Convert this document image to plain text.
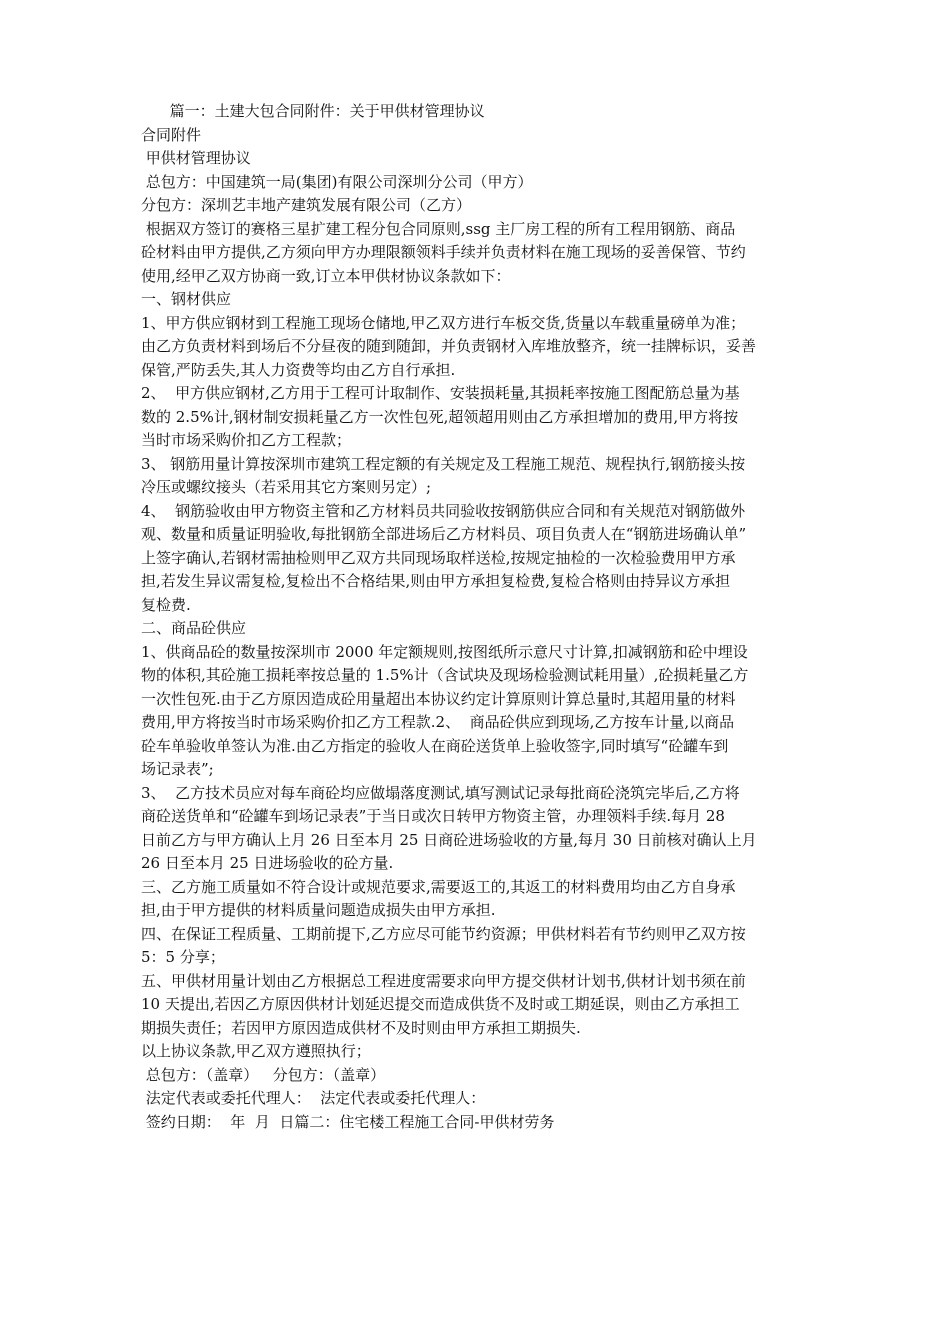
篇一：土建大包合同附件：关于甲供材管理协议
合同附件
甲供材管理协议
总包方：中国建筑一局(集团)有限公司深圳分公司（甲方）
分包方：深圳艺丰地产建筑发展有限公司（乙方）
根据双方签订的赛格三星扩建工程分包合同原则,ssg 主厂房工程的所有工程用钢筋、商品
砼材料由甲方提供,乙方须向甲方办理限额领料手续并负责材料在施工现场的妥善保管、节约
使用,经甲乙双方协商一致,订立本甲供材协议条款如下：
一、钢材供应
1、甲方供应钢材到工程施工现场仓储地,甲乙双方进行车板交货,货量以车载重量磅单为准；
由乙方负责材料到场后不分昼夜的随到随卸，并负责钢材入库堆放整齐，统一挂牌标识，妥善
保管,严防丢失,其人力资费等均由乙方自行承担.
2、  甲方供应钢材,乙方用于工程可计取制作、安装损耗量,其损耗率按施工图配筋总量为基
数的 2.5%计,钢材制安损耗量乙方一次性包死,超领超用则由乙方承担增加的费用,甲方将按
当时市场采购价扣乙方工程款；
3、 钢筋用量计算按深圳市建筑工程定额的有关规定及工程施工规范、规程执行,钢筋接头按
冷压或螺纹接头（若采用其它方案则另定）;
4、  钢筋验收由甲方物资主管和乙方材料员共同验收按钢筋供应合同和有关规范对钢筋做外
观、数量和质量证明验收,每批钢筋全部进场后乙方材料员、项目负责人在“钢筋进场确认单”
上签字确认,若钢材需抽检则甲乙双方共同现场取样送检,按规定抽检的一次检验费用甲方承
担,若发生异议需复检,复检出不合格结果,则由甲方承担复检费,复检合格则由持异议方承担
复检费.
二、商品砼供应
1、供商品砼的数量按深圳市 2000 年定额规则,按图纸所示意尺寸计算,扣减钢筋和砼中埋设
物的体积,其砼施工损耗率按总量的 1.5%计（含试块及现场检验测试耗用量）,砼损耗量乙方
一次性包死.由于乙方原因造成砼用量超出本协议约定计算原则计算总量时,其超用量的材料
费用,甲方将按当时市场采购价扣乙方工程款.2、  商品砼供应到现场,乙方按车计量,以商品
砼车单验收单签认为准.由乙方指定的验收人在商砼送货单上验收签字,同时填写“砼罐车到
场记录表”;
3、  乙方技术员应对每车商砼均应做塌落度测试,填写测试记录每批商砼浇筑完毕后,乙方将
商砼送货单和“砼罐车到场记录表”于当日或次日转甲方物资主管，办理领料手续.每月 28
日前乙方与甲方确认上月 26 日至本月 25 日商砼进场验收的方量,每月 30 日前核对确认上月
26 日至本月 25 日进场验收的砼方量.
三、乙方施工质量如不符合设计或规范要求,需要返工的,其返工的材料费用均由乙方自身承
担,由于甲方提供的材料质量问题造成损失由甲方承担.
四、在保证工程质量、工期前提下,乙方应尽可能节约资源；甲供材料若有节约则甲乙双方按
5：5 分享；
五、甲供材用量计划由乙方根据总工程进度需要求向甲方提交供材计划书,供材计划书须在前
10 天提出,若因乙方原因供材计划延迟提交而造成供货不及时或工期延误，则由乙方承担工
期损失责任；若因甲方原因造成供材不及时则由甲方承担工期损失.
以上协议条款,甲乙双方遵照执行；
总包方：（盖章）   分包方：（盖章）
法定代表或委托代理人：  法定代表或委托代理人：
签约日期：  年  月  日篇二：住宅楼工程施工合同-甲供材劳务
